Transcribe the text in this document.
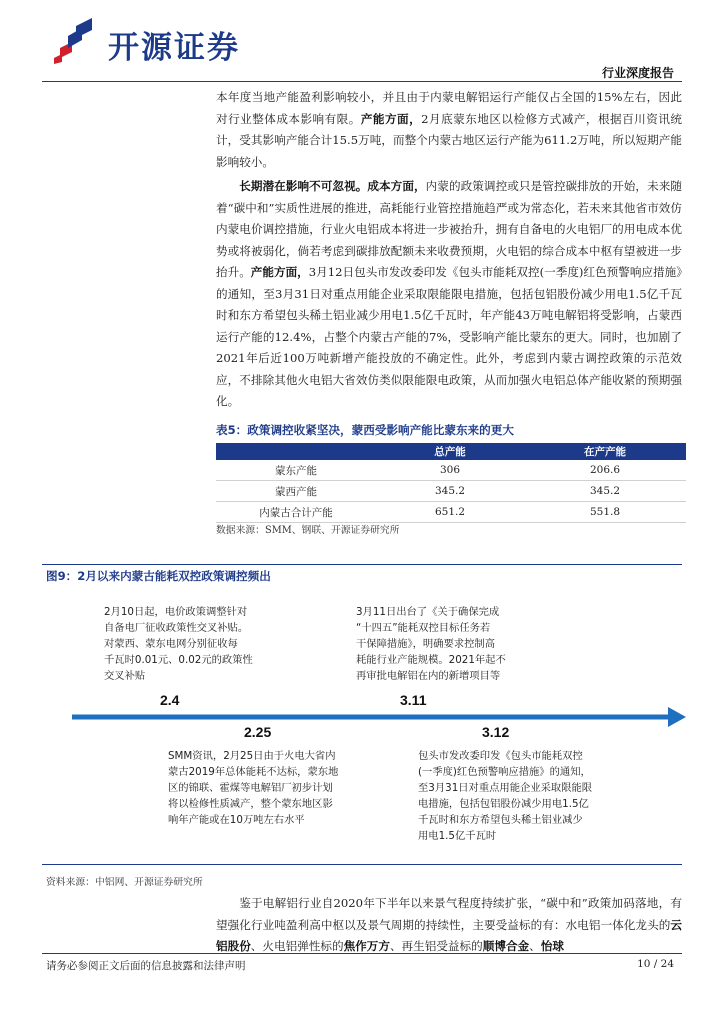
开源证券
行业深度报告

本年度当地产能盈利影响较小，并且由于内蒙电解铝运行产能仅占全国的15%左右，因此对行业整体成本影响有限。产能方面，2月底蒙东地区以检修方式减产，根据百川资讯统计，受其影响产能合计15.5万吨，而整个内蒙古地区运行产能为611.2万吨，所以短期产能影响较小。

长期潜在影响不可忽视。成本方面，内蒙的政策调控或只是管控碳排放的开始，未来随着“碳中和”实质性进展的推进，高耗能行业管控措施趋严或为常态化，若未来其他省市效仿内蒙电价调控措施，行业火电铝成本将进一步被抬升，拥有自备电的火电铝厂的用电成本优势或将被弱化，倘若考虑到碳排放配额未来收费预期，火电铝的综合成本中枢有望被进一步抬升。产能方面，3月12日包头市发改委印发《包头市能耗双控(一季度)红色预警响应措施》的通知，至3月31日对重点用能企业采取限能限电措施，包括包铝股份减少用电1.5亿千瓦时和东方希望包头稀土铝业减少用电1.5亿千瓦时，年产能43万吨电解铝将受影响，占蒙西运行产能的12.4%，占整个内蒙古产能的7%，受影响产能比蒙东的更大。同时，也加剧了2021年后近100万吨新增产能投放的不确定性。此外，考虑到内蒙古调控政策的示范效应，不排除其他火电铝大省效仿类似限能限电政策，从而加强火电铝总体产能收紧的预期强化。

表5：政策调控收紧坚决，蒙西受影响产能比蒙东来的更大
	总产能	在产产能
蒙东产能	306	206.6
蒙西产能	345.2	345.2
内蒙古合计产能	651.2	551.8
数据来源：SMM、钢联、开源证券研究所
图9：2月以来内蒙古能耗双控政策调控频出

2月10日起，电价政策调整针对
自备电厂征收政策性交叉补贴。
对蒙西、蒙东电网分别征收每
千瓦时0.01元、0.02元的政策性
交叉补贴

3月11日出台了《关于确保完成
“十四五”能耗双控目标任务若
干保障措施》，明确要求控制高
耗能行业产能规模。2021年起不
再审批电解铝在内的新增项目等

2.4	3.11
2.25	3.12

SMM资讯，2月25日由于火电大省内
蒙古2019年总体能耗不达标，蒙东地
区的锦联、霍煤等电解铝厂初步计划
将以检修性质减产，整个蒙东地区影
响年产能或在10万吨左右水平

包头市发改委印发《包头市能耗双控
(一季度)红色预警响应措施》的通知，
至3月31日对重点用能企业采取限能限
电措施，包括包铝股份减少用电1.5亿
千瓦时和东方希望包头稀土铝业减少
用电1.5亿千瓦时

资料来源：中铝网、开源证券研究所

鉴于电解铝行业自2020年下半年以来景气程度持续扩张，“碳中和”政策加码落地，有望强化行业吨盈利高中枢以及景气周期的持续性，主要受益标的有：水电铝一体化龙头的云铝股份、火电铝弹性标的焦作万方、再生铝受益标的顺博合金、怡球

请务必参阅正文后面的信息披露和法律声明	10 / 24
